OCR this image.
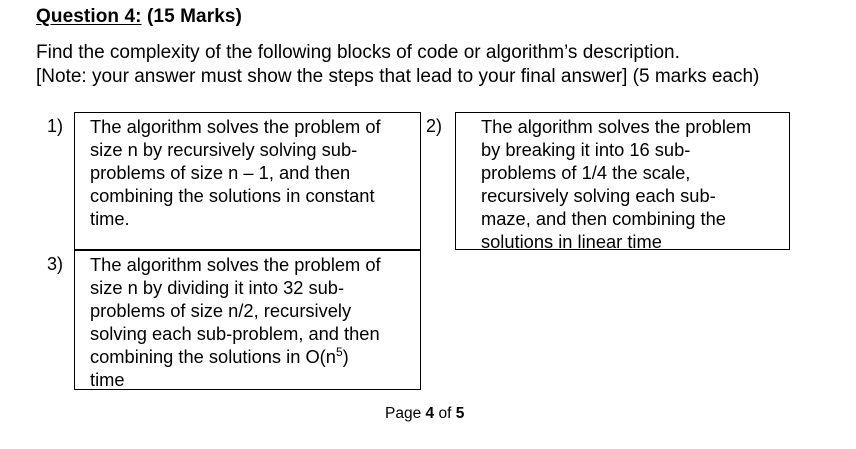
Question 4: (15 Marks)
Find the complexity of the following blocks of code or algorithm’s description.
[Note: your answer must show the steps that lead to your final answer] (5 marks each)
1) The algorithm solves the problem of
size n by recursively solving sub-
problems of size n – 1, and then
combining the solutions in constant
time.
2) The algorithm solves the problem
by breaking it into 16 sub-
problems of 1/4 the scale,
recursively solving each sub-
maze, and then combining the
solutions in linear time
3) The algorithm solves the problem of
size n by dividing it into 32 sub-
problems of size n/2, recursively
solving each sub-problem, and then
combining the solutions in $O(n^5)$
time
Page 4 of 5
